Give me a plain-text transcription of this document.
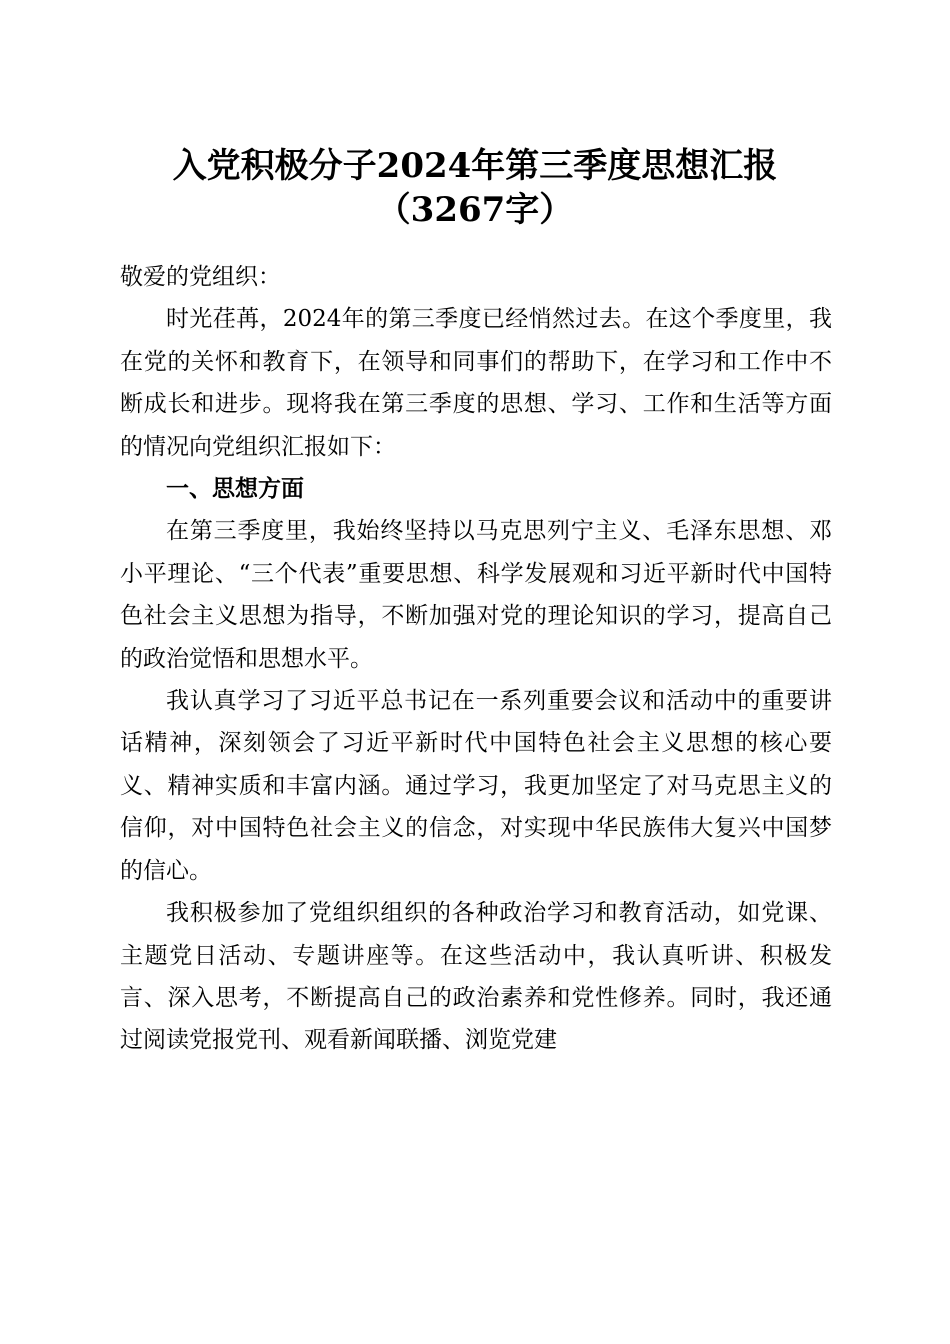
入党积极分子2024年第三季度思想汇报
（3267字）

敬爱的党组织：

时光荏苒，2024年的第三季度已经悄然过去。在这个季度里，我在党的关怀和教育下，在领导和同事们的帮助下，在学习和工作中不断成长和进步。现将我在第三季度的思想、学习、工作和生活等方面的情况向党组织汇报如下：

一、思想方面

在第三季度里，我始终坚持以马克思列宁主义、毛泽东思想、邓小平理论、“三个代表”重要思想、科学发展观和习近平新时代中国特色社会主义思想为指导，不断加强对党的理论知识的学习，提高自己的政治觉悟和思想水平。

我认真学习了习近平总书记在一系列重要会议和活动中的重要讲话精神，深刻领会了习近平新时代中国特色社会主义思想的核心要义、精神实质和丰富内涵。通过学习，我更加坚定了对马克思主义的信仰，对中国特色社会主义的信念，对实现中华民族伟大复兴中国梦的信心。

我积极参加了党组织组织的各种政治学习和教育活动，如党课、主题党日活动、专题讲座等。在这些活动中，我认真听讲、积极发言、深入思考，不断提高自己的政治素养和党性修养。同时，我还通过阅读党报党刊、观看新闻联播、浏览党建
